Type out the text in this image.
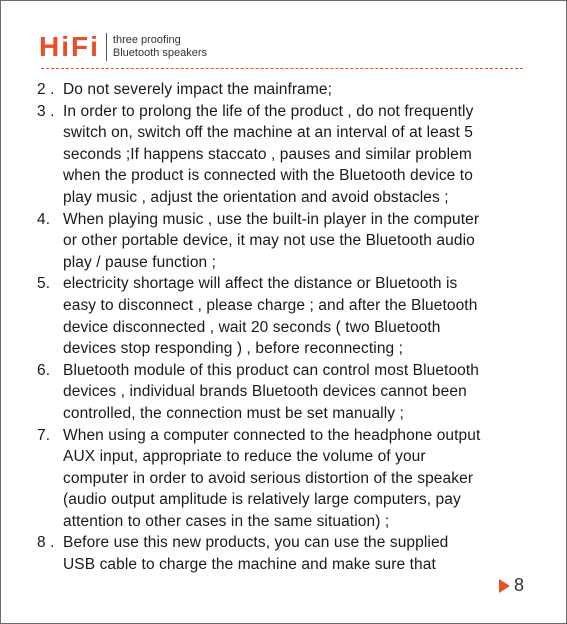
HiFi three proofing
Bluetooth speakers
2 . Do not severely impact the mainframe;
3 . In order to prolong the life of the product , do not frequently
switch on, switch off the machine at an interval of at least 5
seconds ;If happens staccato , pauses and similar problem
when the product is connected with the Bluetooth device to
play music , adjust the orientation and avoid obstacles ;
4. When playing music , use the built-in player in the computer
or other portable device, it may not use the Bluetooth audio
play / pause function ;
5. electricity shortage will affect the distance or Bluetooth is
easy to disconnect , please charge ; and after the Bluetooth
device disconnected , wait 20 seconds ( two Bluetooth
devices stop responding ) , before reconnecting ;
6. Bluetooth module of this product can control most Bluetooth
devices , individual brands Bluetooth devices cannot been
controlled, the connection must be set manually ;
7. When using a computer connected to the headphone output
AUX input, appropriate to reduce the volume of your
computer in order to avoid serious distortion of the speaker
(audio output amplitude is relatively large computers, pay
attention to other cases in the same situation) ;
8 . Before use this new products, you can use the supplied
USB cable to charge the machine and make sure that
8
